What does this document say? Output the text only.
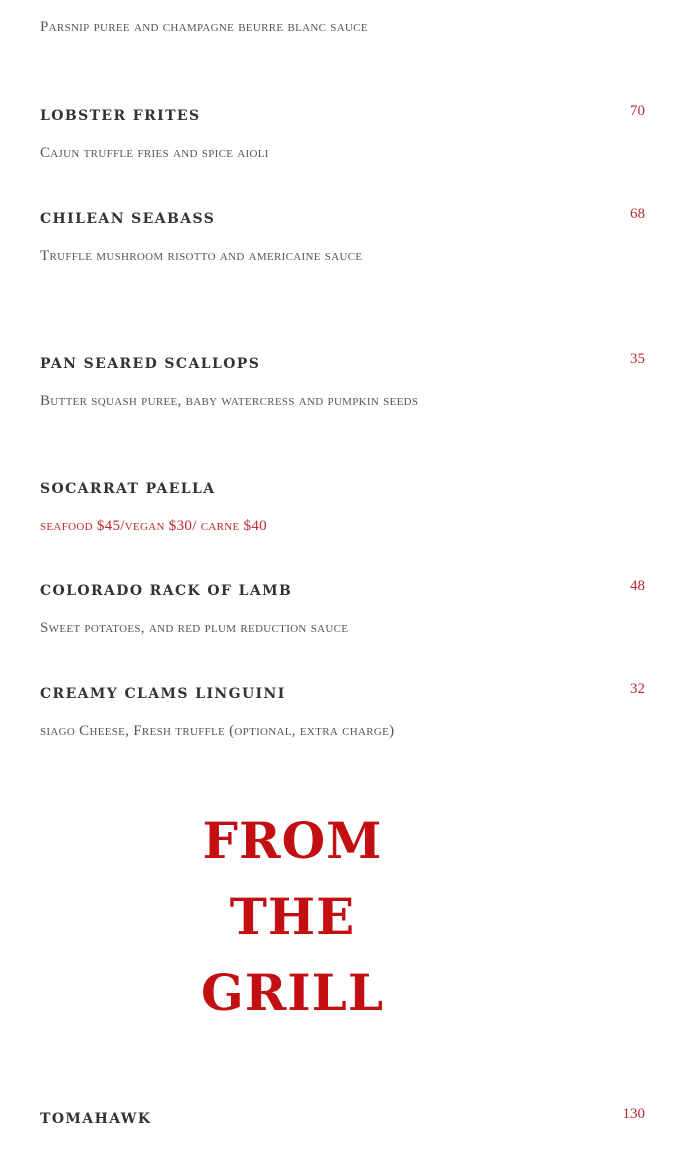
Parsnip puree and champagne beurre blanc sauce
LOBSTER FRITES	70
Cajun truffle fries and spice aioli
CHILEAN SEABASS	68
Truffle mushroom risotto and americaine sauce
PAN SEARED SCALLOPS	35
Butter squash puree, baby watercress and pumpkin seeds
SOCARRAT PAELLA
seafood $45/vegan $30/ carne $40
COLORADO RACK OF LAMB	48
Sweet potatoes, and red plum reduction sauce
CREAMY CLAMS LINGUINI	32
siago Cheese, Fresh truffle (optional, extra charge)
FROM
THE
GRILL
TOMAHAWK	130
